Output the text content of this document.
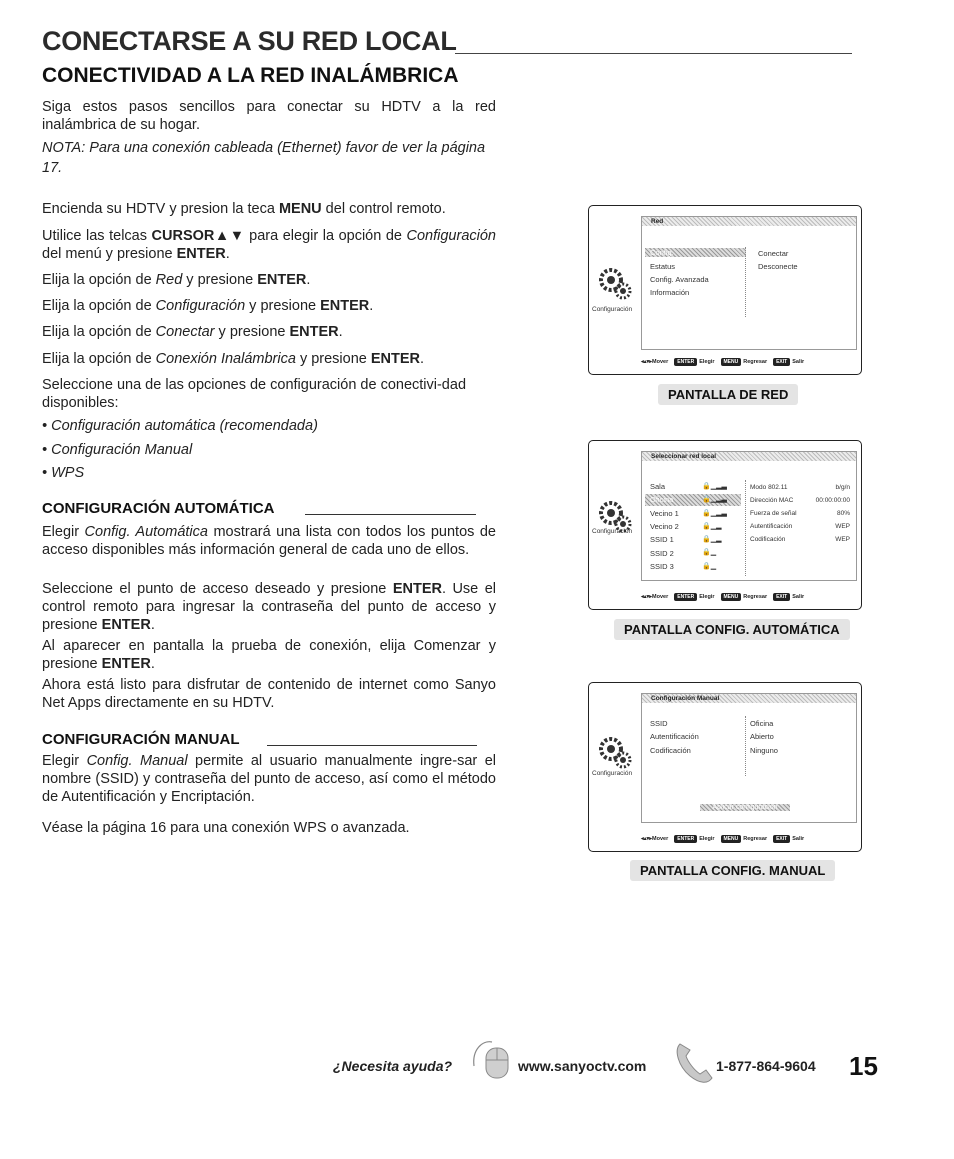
CONECTARSE A SU RED LOCAL
CONECTIVIDAD A LA RED INALÁMBRICA

Siga estos pasos sencillos para conectar su HDTV a la red inalámbrica de su hogar.

NOTA: Para una conexión cableada (Ethernet) favor de ver la página 17.
Encienda su HDTV y presion la teca MENU del control remoto.
Utilice las telcas CURSOR▲▼ para elegir la opción de Configuración del menú y presione ENTER.
Elija la opción de Red y presione ENTER.
Elija la opción de Configuración y presione ENTER.
Elija la opción de Conectar y presione ENTER.
Elija la opción de Conexión Inalámbrica y presione ENTER.
Seleccione una de las opciones de configuración de conectivi-dad disponibles:
• Configuración automática (recomendada)
• Configuración Manual
• WPS
CONFIGURACIÓN AUTOMÁTICA
Elegir Config. Automática mostrará una lista con todos los puntos de acceso disponibles más información general de cada uno de ellos.
Seleccione el punto de acceso deseado y presione ENTER. Use el control remoto para ingresar la contraseña del punto de acceso y presione ENTER.
Al aparecer en pantalla la prueba de conexión, elija Comenzar y presione ENTER.
Ahora está listo para disfrutar de contenido de internet como Sanyo Net Apps directamente en su HDTV.
CONFIGURACIÓN MANUAL
Elegir Config. Manual permite al usuario manualmente ingre-sar el nombre (SSID) y contraseña del punto de acceso, así como el método de Autentificación y Encriptación.
Véase la página 16 para una conexión WPS o avanzada.
Configuración
Red
Config.
Estatus
Config. Avanzada
Información
Conectar
Desconecte
◂▴▾▸Mover ENTER Elegir MENU Regresar EXIT Salir
PANTALLA DE RED
Configuración
Seleccionar red local
Sala
Oficina
Vecino 1
Vecino 2
SSID 1
SSID 2
SSID 3
🔒▁▂▃
🔒▁▂▃
🔒▁▂▃
🔒▁▂
🔒▁▂
🔒▁
🔒▁
Modo 802.11
Dirección MAC
Fuerza de señal
Autentificación
Codificación
b/g/n
00:00:00:00
80%
WEP
WEP
◂▴▾▸Mover ENTER Elegir MENU Regresar EXIT Salir
PANTALLA CONFIG. AUTOMÁTICA
Configuración
Configuración Manual
SSID
Autentificación
Codificación
Oficina
Abierto
Ninguno
Aplicar configuración
◂▴▾▸Mover ENTER Elegir MENU Regresar EXIT Salir
PANTALLA CONFIG. MANUAL
¿Necesita ayuda?	www.sanyoctv.com	1-877-864-9604 15
